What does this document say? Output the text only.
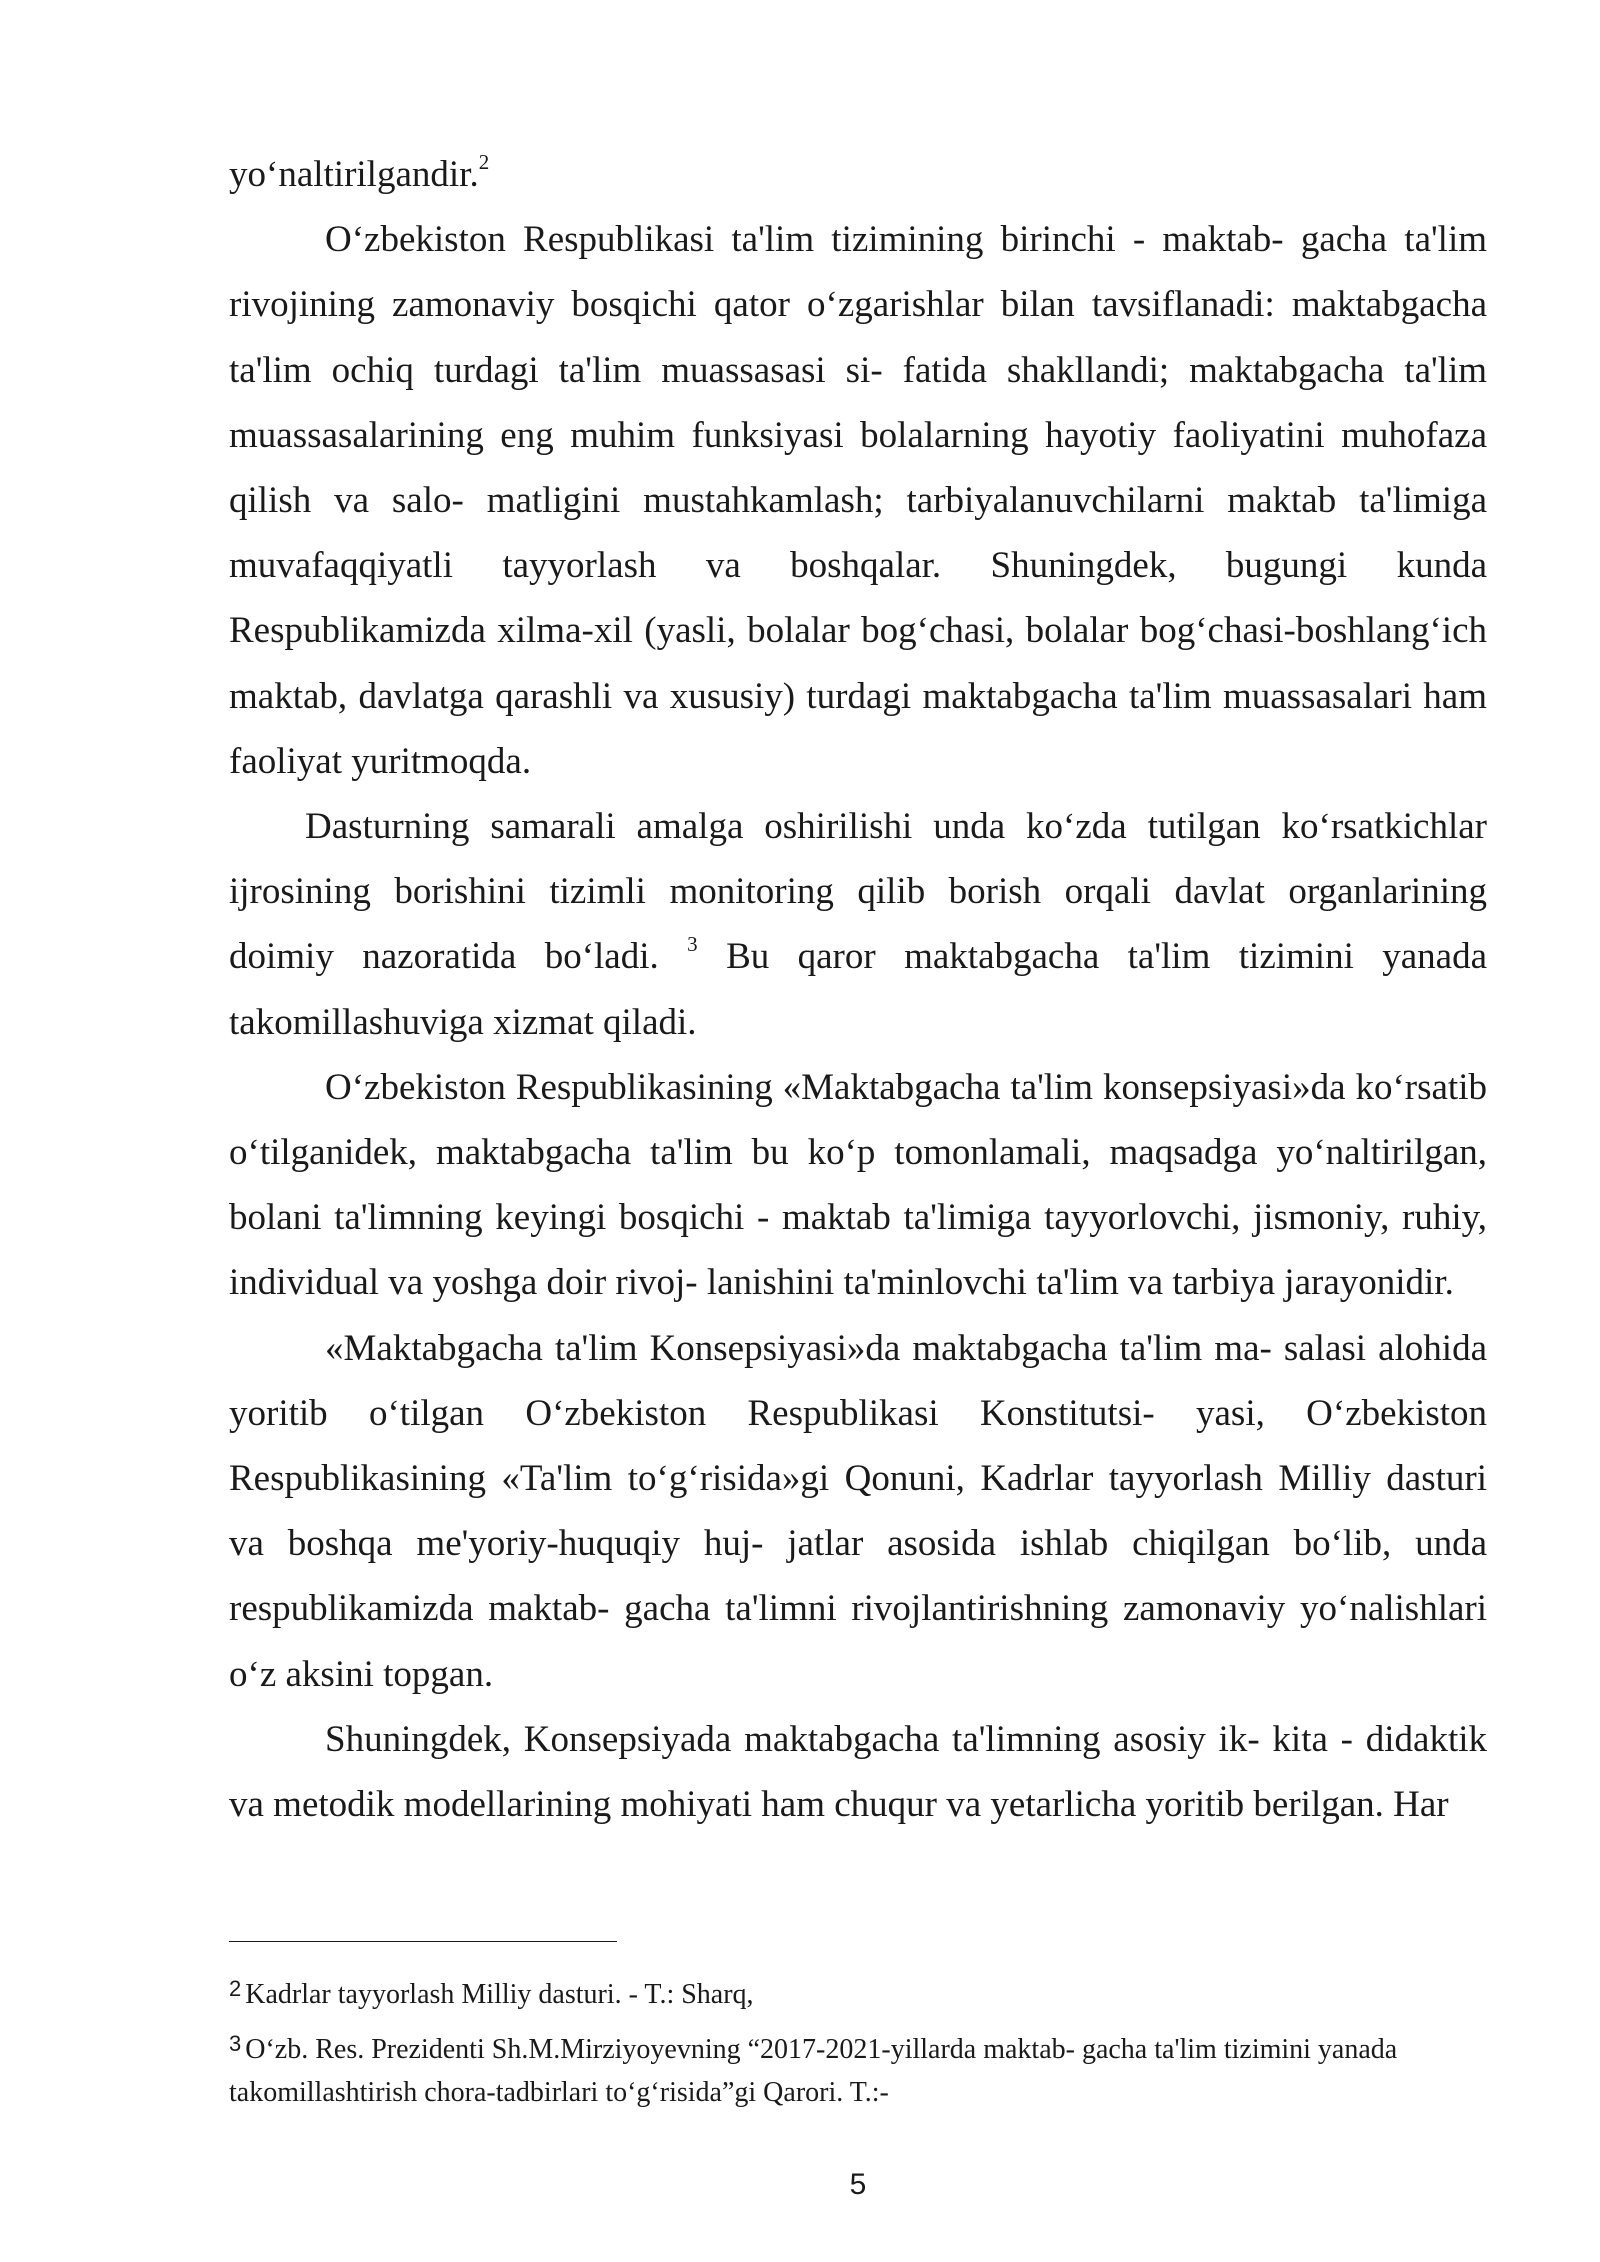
yo‘naltirilgandir.$^2$

O‘zbekiston Respublikasi ta'lim tizimining birinchi - maktab- gacha ta'lim rivojining zamonaviy bosqichi qator o‘zgarishlar bilan tavsiflanadi: maktabgacha ta'lim ochiq turdagi ta'lim muassasasi si- fatida shakllandi; maktabgacha ta'lim muassasalarining eng muhim funksiyasi bolalarning hayotiy faoliyatini muhofaza qilish va salo- matligini mustahkamlash; tarbiyalanuvchilarni maktab ta'limiga muvafaqqiyatli tayyorlash va boshqalar. Shuningdek, bugungi kunda Respublikamizda xilma-xil (yasli, bolalar bog‘chasi, bolalar bog‘chasi-boshlang‘ich maktab, davlatga qarashli va xususiy) turdagi maktabgacha ta'lim muassasalari ham faoliyat yuritmoqda.

Dasturning samarali amalga oshirilishi unda ko‘zda tutilgan ko‘rsatkichlar ijrosining borishini tizimli monitoring qilib borish orqali davlat organlarining doimiy nazoratida bo‘ladi. $^3$ Bu qaror maktabgacha ta'lim tizimini yanada takomillashuviga xizmat qiladi.

O‘zbekiston Respublikasining «Maktabgacha ta'lim konsepsiyasi»da ko‘rsatib o‘tilganidek, maktabgacha ta'lim bu ko‘p tomonlamali, maqsadga yo‘naltirilgan, bolani ta'limning keyingi bosqichi - maktab ta'limiga tayyorlovchi, jismoniy, ruhiy, individual va yoshga doir rivoj- lanishini ta'minlovchi ta'lim va tarbiya jarayonidir.

«Maktabgacha ta'lim Konsepsiyasi»da maktabgacha ta'lim ma- salasi alohida yoritib o‘tilgan O‘zbekiston Respublikasi Konstitutsi- yasi, O‘zbekiston Respublikasining «Ta'lim to‘g‘risida»gi Qonuni, Kadrlar tayyorlash Milliy dasturi va boshqa me'yoriy-huquqiy huj- jatlar asosida ishlab chiqilgan bo‘lib, unda respublikamizda maktab- gacha ta'limni rivojlantirishning zamonaviy yo‘nalishlari o‘z aksini topgan.

Shuningdek, Konsepsiyada maktabgacha ta'limning asosiy ik- kita - didaktik va metodik modellarining mohiyati ham chuqur va yetarlicha yoritib berilgan. Har

$^2$ Kadrlar tayyorlash Milliy dasturi. - T.: Sharq,

$^3$ O‘zb. Res. Prezidenti Sh.M.Mirziyoyevning “2017-2021-yillarda maktab- gacha ta'lim tizimini yanada takomillashtirish chora-tadbirlari to‘g‘risida”gi Qarori. T.:-

5
